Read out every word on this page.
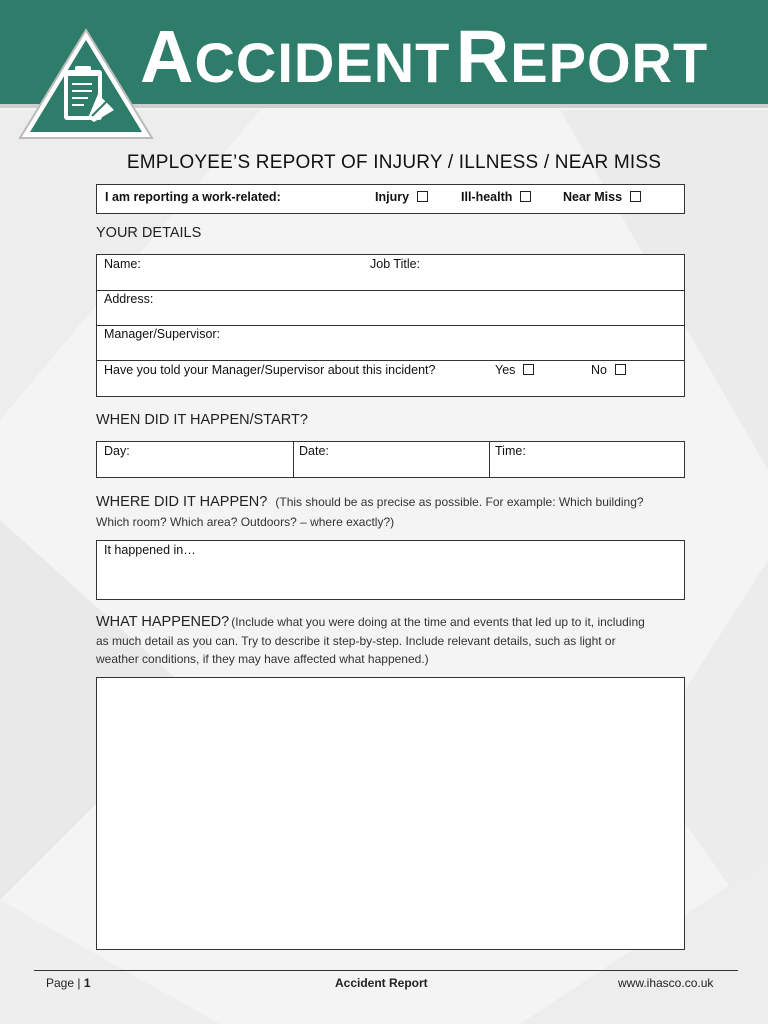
ACCIDENT REPORT
EMPLOYEE’S REPORT OF INJURY / ILLNESS / NEAR MISS
I am reporting a work-related:	Injury	Ill-health	Near Miss
YOUR DETAILS
Name:	Job Title:
Address:
Manager/Supervisor:
Have you told your Manager/Supervisor about this incident?	Yes	No
WHEN DID IT HAPPEN/START?
Day:	Date:	Time:
WHERE DID IT HAPPEN? (This should be as precise as possible. For example: Which building?
Which room? Which area? Outdoors? – where exactly?)
It happened in…
WHAT HAPPENED? (Include what you were doing at the time and events that led up to it, including
as much detail as you can. Try to describe it step-by-step. Include relevant details, such as light or
weather conditions, if they may have affected what happened.)
Page | 1	Accident Report	www.ihasco.co.uk
